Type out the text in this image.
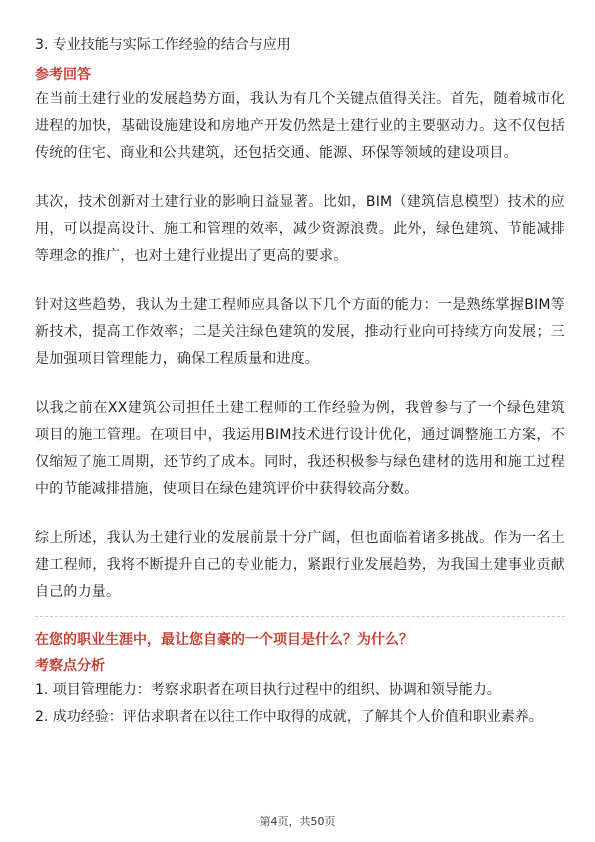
3. 专业技能与实际工作经验的结合与应用

参考回答

在当前土建行业的发展趋势方面，我认为有几个关键点值得关注。首先，随着城市化进程的加快，基础设施建设和房地产开发仍然是土建行业的主要驱动力。这不仅包括传统的住宅、商业和公共建筑，还包括交通、能源、环保等领域的建设项目。

其次，技术创新对土建行业的影响日益显著。比如，BIM（建筑信息模型）技术的应用，可以提高设计、施工和管理的效率，减少资源浪费。此外，绿色建筑、节能减排等理念的推广，也对土建行业提出了更高的要求。

针对这些趋势，我认为土建工程师应具备以下几个方面的能力：一是熟练掌握BIM等新技术，提高工作效率；二是关注绿色建筑的发展，推动行业向可持续方向发展；三是加强项目管理能力，确保工程质量和进度。

以我之前在XX建筑公司担任土建工程师的工作经验为例，我曾参与了一个绿色建筑项目的施工管理。在项目中，我运用BIM技术进行设计优化，通过调整施工方案，不仅缩短了施工周期，还节约了成本。同时，我还积极参与绿色建材的选用和施工过程中的节能减排措施，使项目在绿色建筑评价中获得较高分数。

综上所述，我认为土建行业的发展前景十分广阔，但也面临着诸多挑战。作为一名土建工程师，我将不断提升自己的专业能力，紧跟行业发展趋势，为我国土建事业贡献自己的力量。

在您的职业生涯中，最让您自豪的一个项目是什么？为什么？

考察点分析

1. 项目管理能力：考察求职者在项目执行过程中的组织、协调和领导能力。

2. 成功经验：评估求职者在以往工作中取得的成就，了解其个人价值和职业素养。

第4页，共50页
